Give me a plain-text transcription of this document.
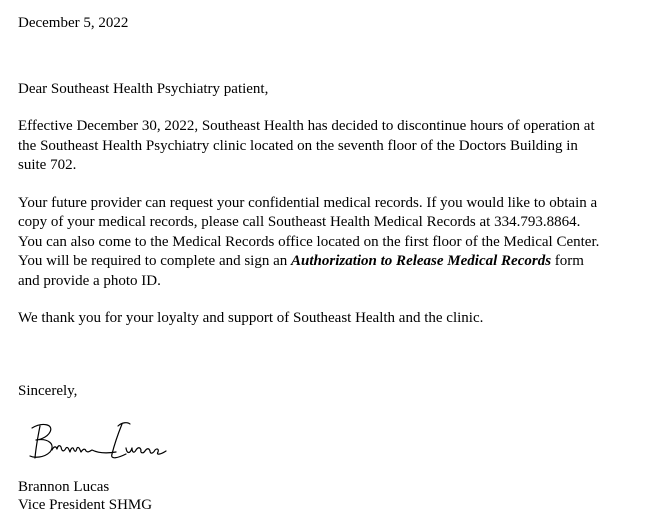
December 5, 2022

Dear Southeast Health Psychiatry patient,

Effective December 30, 2022, Southeast Health has decided to discontinue hours of operation at

the Southeast Health Psychiatry clinic located on the seventh floor of the Doctors Building in

suite 702.

Your future provider can request your confidential medical records. If you would like to obtain a

copy of your medical records, please call Southeast Health Medical Records at 334.793.8864.

You can also come to the Medical Records office located on the first floor of the Medical Center.

You will be required to complete and sign an Authorization to Release Medical Records form

and provide a photo ID.

We thank you for your loyalty and support of Southeast Health and the clinic.

Sincerely,

Brannon Lucas
Vice President SHMG
